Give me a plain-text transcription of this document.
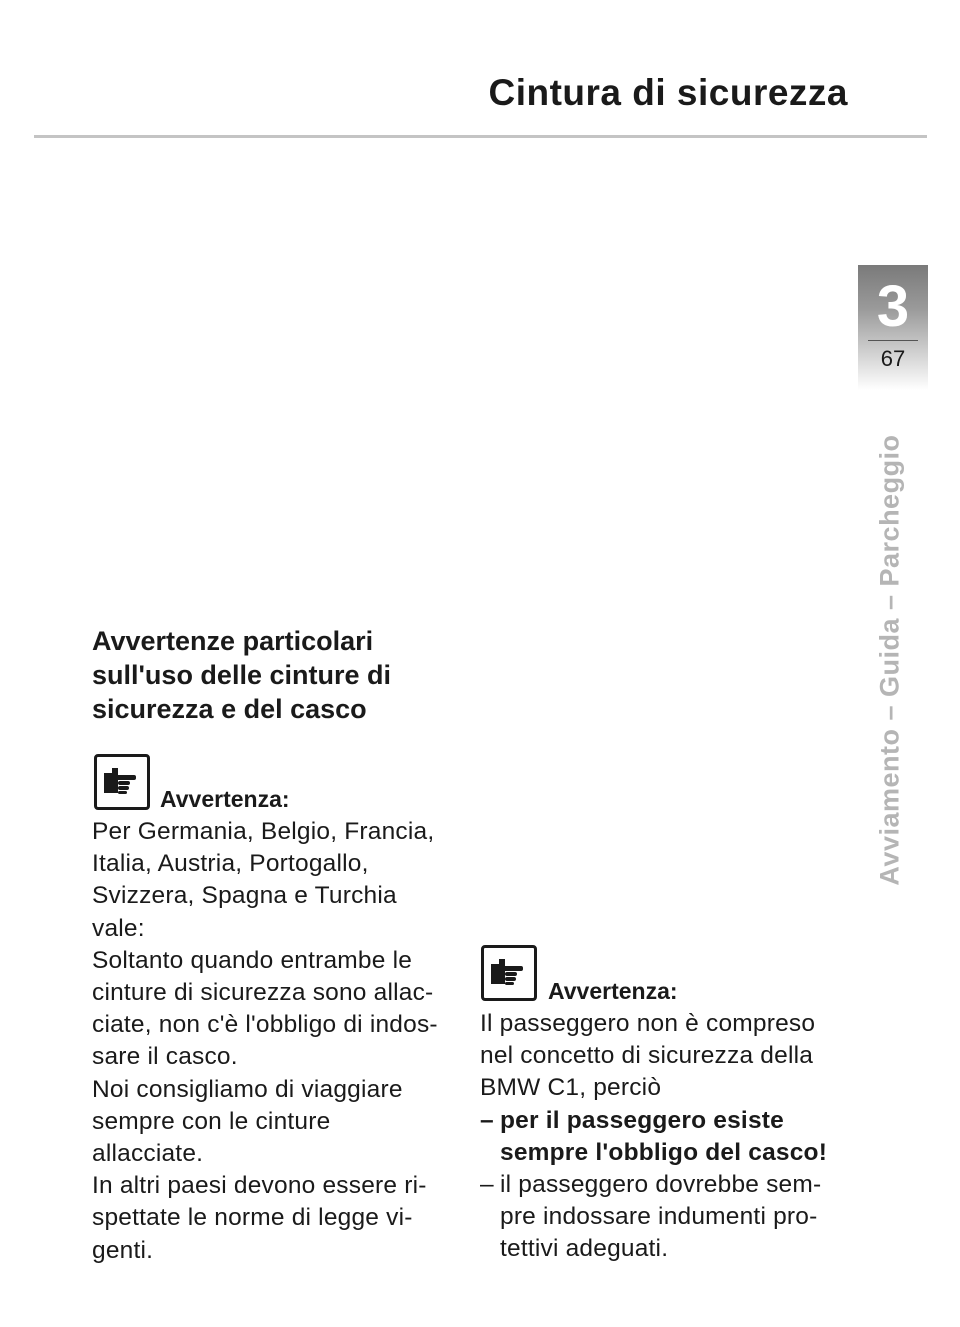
Cintura di sicurezza
3
67
Avviamento – Guida – Parcheggio
Avvertenze particolari
sull'uso delle cinture di
sicurezza e del casco
Avvertenza:

Per Germania, Belgio, Francia,

Italia, Austria, Portogallo,

Svizzera, Spagna e Turchia

vale:

Soltanto quando entrambe le

cinture di sicurezza sono allac-

ciate, non c'è l'obbligo di indos-

sare il casco.

Noi consigliamo di viaggiare

sempre con le cinture

allacciate.

In altri paesi devono essere ri-

spettate le norme di legge vi-

genti.

Avvertenza:

Il passeggero non è compreso

nel concetto di sicurezza della

BMW C1, perciò

– per il passeggero esiste
sempre l'obbligo del casco!
– il passeggero dovrebbe sem-
pre indossare indumenti pro-
tettivi adeguati.
